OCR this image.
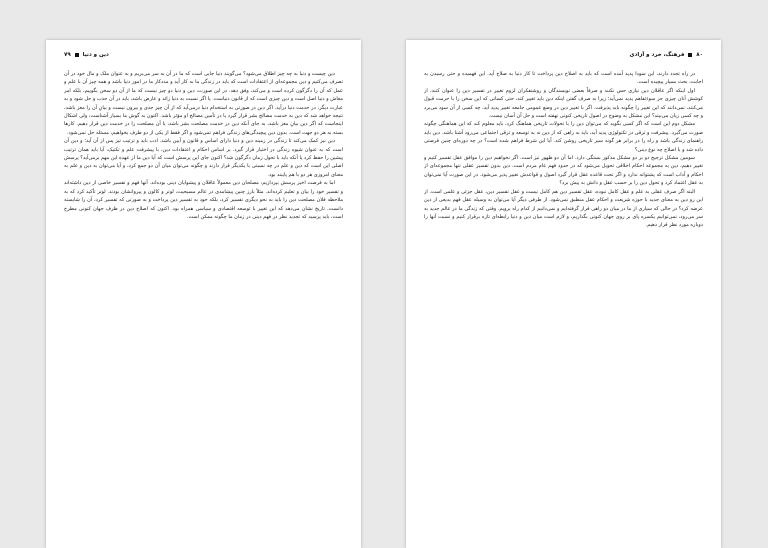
دین و دنیا  ۷۹

دین چیست و دنیا به چه چیز اطلاق می‌شود؟ می‌گویند دنیا جایی است که ما در آن به سر می‌بریم و به عنوان ملک و مال خود در آن تصرف می‌کنیم و دین مجموعه‌ای از اعتقادات است که باید در زندگی ما به کار آید و مددکار ما در امور دنیا باشد و همه چیز آن با علم و عمل که آن را دگرگون کرده است و می‌کند، وفق دهد. در این صورت، دین و دنیا دو چیز نیست که ما از آن دو سخن بگوییم، بلکه امر معاش و دنیا اصل است و دین چیزی است که از قانون دنیاست. یا اگر نسبت به دنیا زائد و عارض باشد، باید در آن جذب و حل شود و به عبارت دیگر، در خدمت دنیا درآید. اگر دین در صورتی به استخدام دنیا درمی‌آید که از آن چیز جدی و بیرون نیست و بیانِ آن را مغز باشد، نتیجه خواهد شد که دین به خدمت مصالح بشر قرار گیرد یا در تأمین مصالح او مؤثر باشد. اکنون به گوش ما بسیار آشناست، ولی اشکال اینجاست که اگر دین بیانِ مغز باشد، به جای آنکه دین در خدمت مصلحت بشر باشد، یا آن مصلحت را در خدمت دین قرار دهیم. کارها بسته به هر دو جهت است. بدون دین پیچیدگی‌های زندگی فراهم نمی‌شود و اگر فقط از یکی از دو طرف بخواهیم، مسئله حل نمی‌شود.

دین نیز کمک می‌کند تا زندگی در زمینه دین و دنیا دارای اساس و قانون و آیین باشد. ادب باید و ترتیب نیز پس از آن آید؛ و دین آن است که به عنوان شیوه زندگی در اختیار قرار گیرد. بر اساس احکام و اعتقادات دین، با پیشرفت علم و تکنیک، آیا باید همان ترتیب پیشین را حفظ کرد یا آنکه باید با تحول زمان دگرگون شد؟ اکنون جای این پرسش است که آیا دین ما از عهده این مهم برمی‌آید؟ پرسش اصلی این است که دین و علم در چه نسبتی با یکدیگر قرار دارند و چگونه می‌توان میان آن دو جمع کرد، و آیا می‌توان به دین و علم به معنای امروزی هر دو با هم پایبند بود.

اما به فرصت اخیر پرسش بپردازیم: مصلحان دین معمولاً عاقلان و پیشوایان دینی بوده‌اند. آنها فهم و تفسیر خاصی از دین داشته‌اند و تفسیر خود را بیان و تعلیم کرده‌اند. مثلاً بارز چنین پیشامدی در عالم مسیحیت، لوتر و کالون و پیروانشان بودند. لوتر تأکید کرد که به ملاحظه فلان مصلحت دین را باید به نحو دیگری تفسیر کرد، بلکه خود به تفسیر دین پرداخت و به صورتی که تفسیر کرد، آن را شایسته دانست. تاریخ نشان می‌دهد که این تغییر با توسعه اقتصادی و سیاسی همراه بود. اکنون که اصلاح دین در ظرف جهان کنونی مطرح است، باید پرسید که تجدید نظر در فهم دینی در زمان ما چگونه ممکن است.

۸۰  فرهنگ، خرد و آزادی

در راه تجدد دارند، این سودا پدید آمده است که باید به اصلاح دین پرداخت تا کار دنیا به صلاح آید. این فهمیده و حتی رسیدن به اجابت، بحث بسیار پیچیده است.

اول اینکه اگر عاقلان دین نیازی حس نکنند و صرفاً بعضی نویسندگان و روشنفکران لزوم تغییر در تفسیر دین را عنوان کنند، از کوشش آنان چیزی جز سوءتفاهم پدید نمی‌آید؛ زیرا به صرف گفتن اینکه دین باید تغییر کند، حتی کسانی که این سخن را با حرمت قبول می‌کنند، نمی‌دانند که این تغییر را چگونه باید پذیرفت. اگر با تغییر دین در وضع عمومی جامعه تغییر پدید آید، چه کسی از آن سود می‌برد و چه کسی زیان می‌بیند؟ این مشکل به وضوح در اصول تاریخی کنونی نهفته است و حل آن آسان نیست.

مشکل دوم این است که اگر کسی بگوید که می‌توان دین را با تحولات تاریخی هماهنگ کرد، باید معلوم کند که این هماهنگی چگونه صورت می‌گیرد. پیشرفت و ترقی در تکنولوژی پدید آید، باید به راهی که از دین نه به توسعه و ترقی اجتماعی می‌رود آشنا باشد. دین باید راهنمای زندگی باشد و راه را در برابر هر گونه سیر تاریخی روشن کند. آیا این شرط فراهم شده است؟ در چه دوره‌ای چنین فرصتی داده شد و با اصلاح چه نوع دینی؟

سومین مشکل ترجیح دو بر دو مشکل مذکور بستگی دارد. اما آن دو ظهور نیز است. اگر نخواهیم دین را موافق عقل تفسیر کنیم و تغییر دهیم، دین به مجموعه احکام اخلاقی تحویل می‌شود که در حدود فهم عام مردم است. دین بدون تفسیر عقلی تنها مجموعه‌ای از احکام و آداب است که پشتوانه ندارد و اگر تحت قاعده عقل قرار گیرد اصول و قواعدش تغییر پذیر می‌شود. در این صورت آیا نمی‌توان به عقل اعتماد کرد و تحول دین را بر حسب عقل و دانش به پیش برد؟

البته اگر صرف عقلی به علم و عقل کامل نبوده، عقل تفسیر دین هم کامل نیست و عقل تفسیر دین، عقل جزئی و علمی است. از این رو دین به معنای جدید با حوزه شریعت و احکام عقل منطبق نمی‌شود. از طرفی دیگر آیا می‌توان به وسیله عقل فهم بدیعی از دین عرضه کرد؟ در حالی که سیاری از ما در میان دو راهی قرار گرفته‌ایم و نمی‌دانیم از کدام راه برویم. وقتی که زندگی ما در عالم جدید به سر می‌رود، نمی‌توانیم یکسره پای بر روی جهان کنونی بگذاریم، و لازم است میان دین و دنیا رابطه‌ای تازه برقرار کنیم و نسبت آنها را دوباره مورد نظر قرار دهیم.
